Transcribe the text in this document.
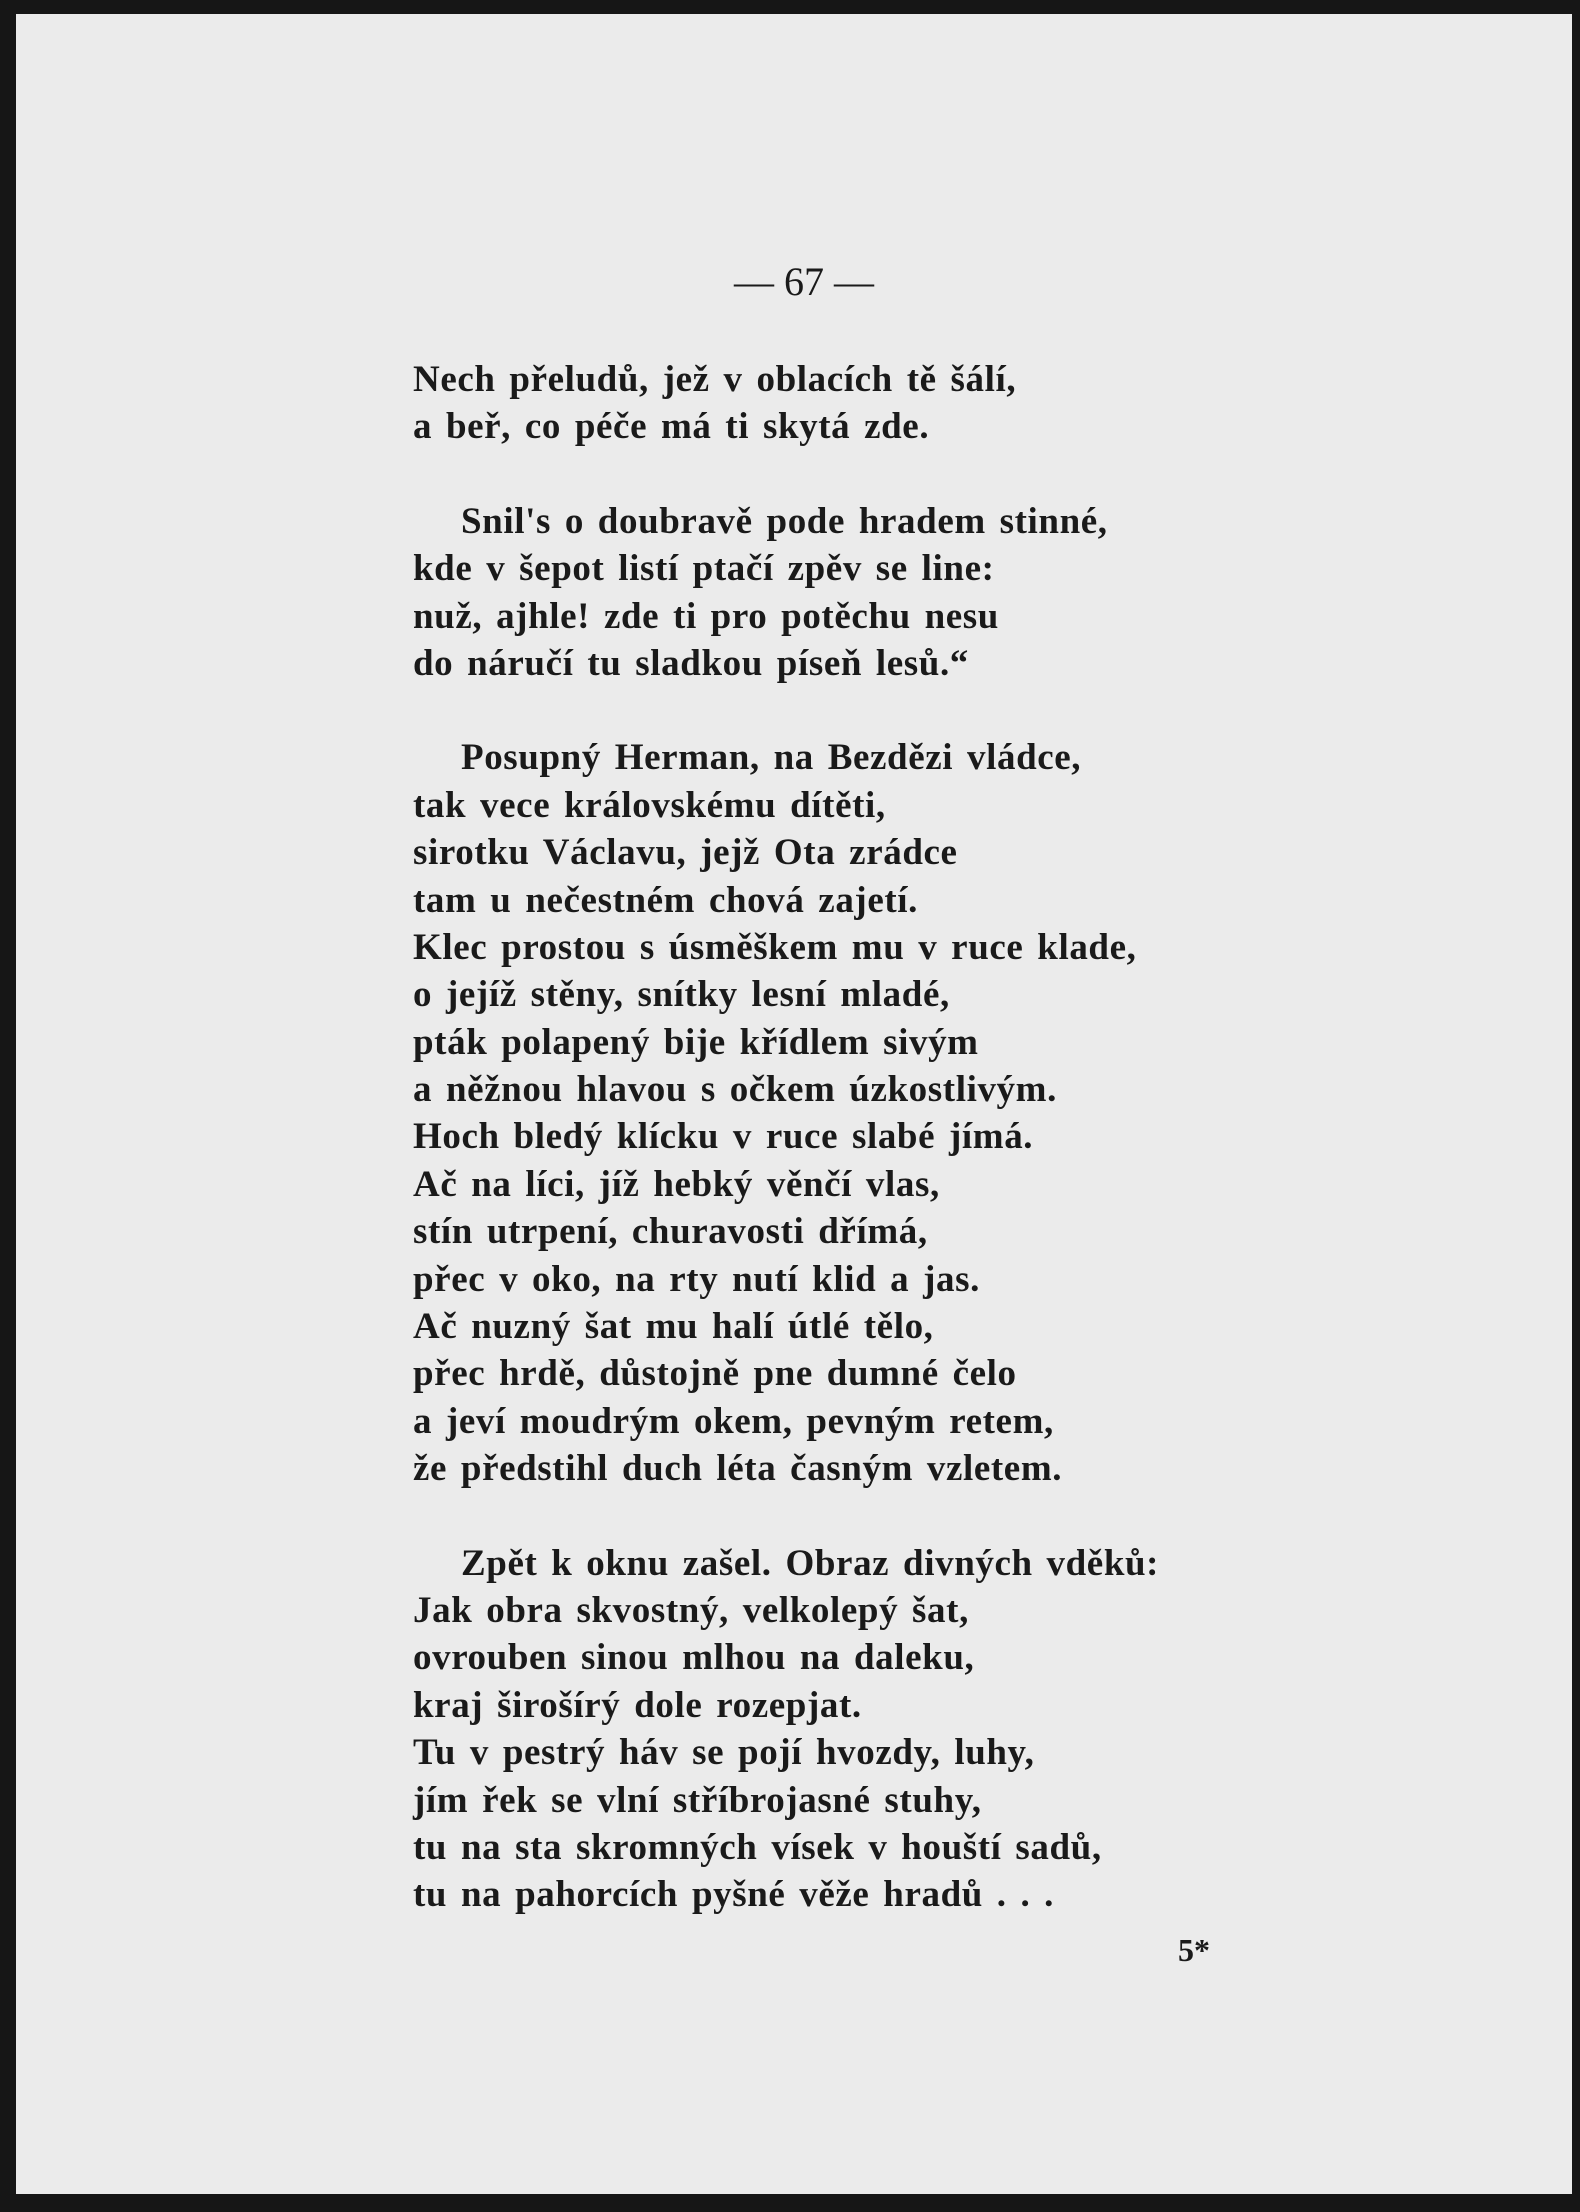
— 67 —
Nech přeludů, jež v oblacích tě šálí,
a beř, co péče má ti skytá zde.
Snil's o doubravě pode hradem stinné,
kde v šepot listí ptačí zpěv se line:
nuž, ajhle! zde ti pro potěchu nesu
do náručí tu sladkou píseň lesů.“
Posupný Herman, na Bezdězi vládce,
tak vece královskému dítěti,
sirotku Václavu, jejž Ota zrádce
tam u nečestném chová zajetí.
Klec prostou s úsměškem mu v ruce klade,
o jejíž stěny, snítky lesní mladé,
pták polapený bije křídlem sivým
a něžnou hlavou s očkem úzkostlivým.
Hoch bledý klícku v ruce slabé jímá.
Ač na líci, jíž hebký věnčí vlas,
stín utrpení, churavosti dřímá,
přec v oko, na rty nutí klid a jas.
Ač nuzný šat mu halí útlé tělo,
přec hrdě, důstojně pne dumné čelo
a jeví moudrým okem, pevným retem,
že předstihl duch léta časným vzletem.
Zpět k oknu zašel. Obraz divných vděků:
Jak obra skvostný, velkolepý šat,
ovrouben sinou mlhou na daleku,
kraj širošírý dole rozepjat.
Tu v pestrý háv se pojí hvozdy, luhy,
jím řek se vlní stříbrojasné stuhy,
tu na sta skromných vísek v houští sadů,
tu na pahorcích pyšné věže hradů . . .
5*
